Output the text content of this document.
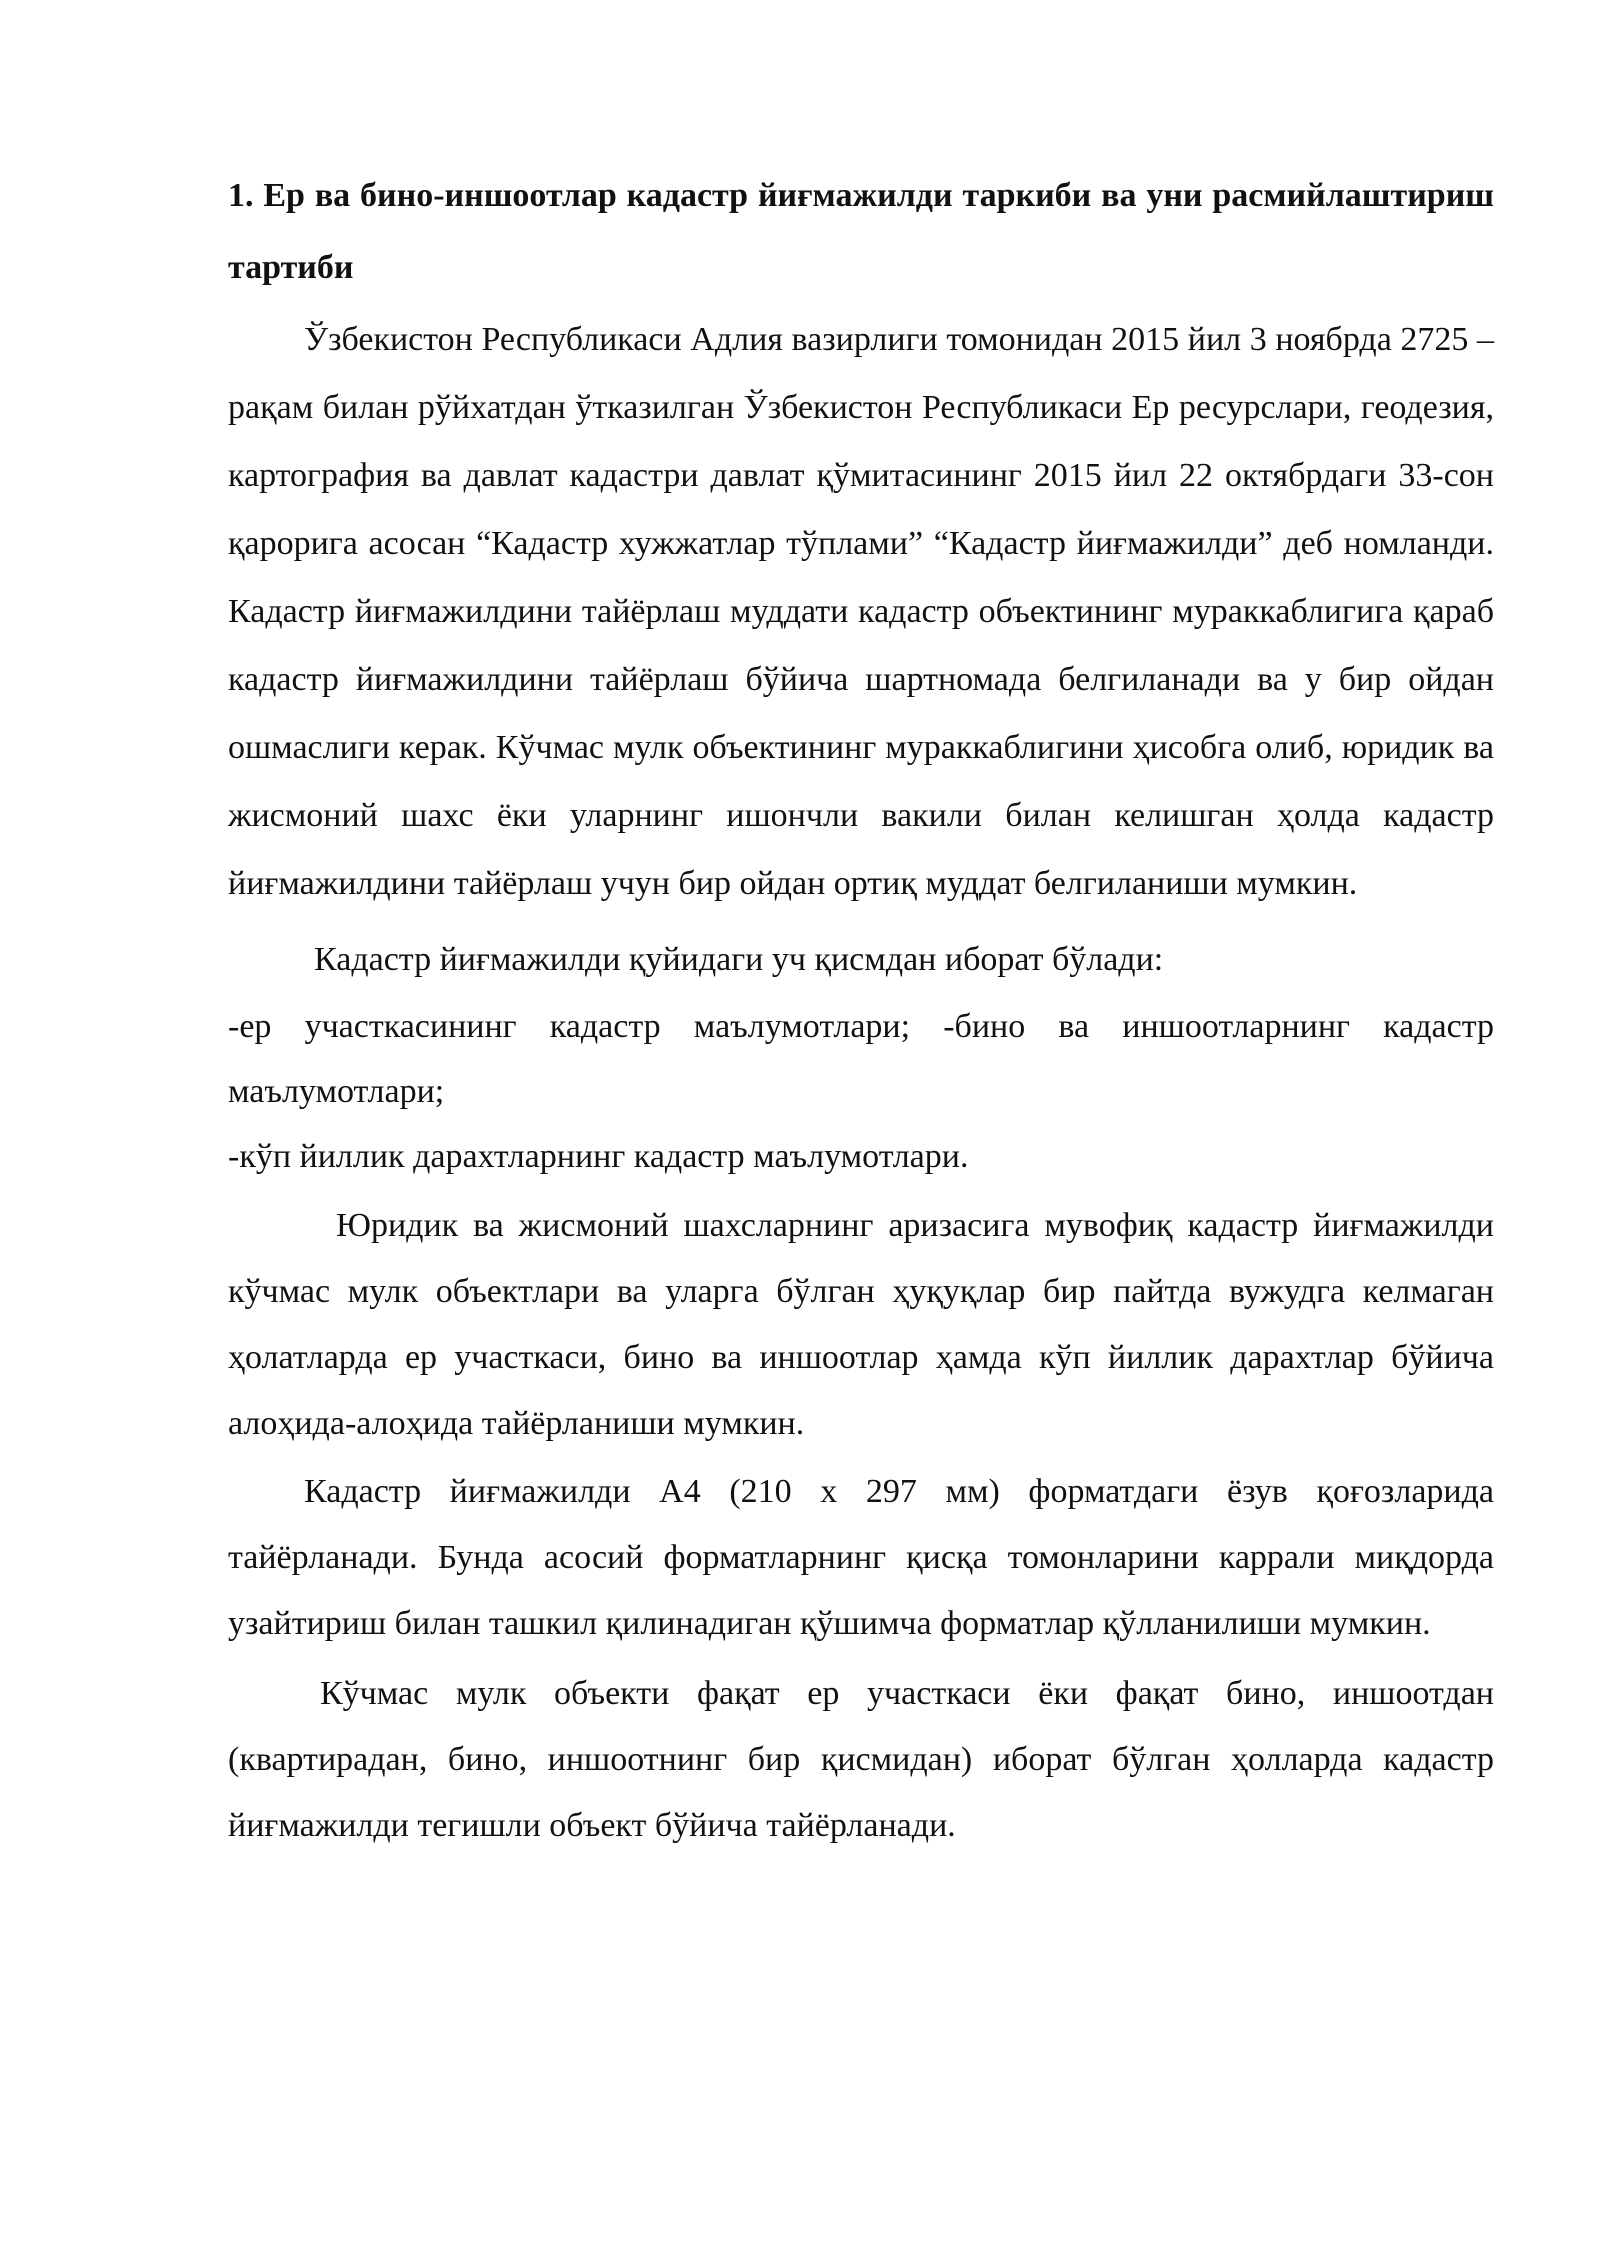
1. Ер ва бино-иншоотлар кадастр йиғмажилди таркиби ва уни расмийлаштириш тартиби

Ўзбекистон Республикаси Адлия вазирлиги томонидан 2015 йил 3 ноябрда 2725 – рақам билан рўйхатдан ўтказилган Ўзбекистон Республикаси Ер ресурслари, геодезия, картография ва давлат кадастри давлат қўмитасининг 2015 йил 22 октябрдаги 33-сон қарорига асосан “Кадастр хужжатлар тўплами” “Кадастр йиғмажилди” деб номланди. Кадастр йиғмажилдини тайёрлаш муддати кадастр объектининг мураккаблигига қараб кадастр йиғмажилдини тайёрлаш бўйича шартномада белгиланади ва у бир ойдан ошмаслиги керак. Кўчмас мулк объектининг мураккаблигини ҳисобга олиб, юридик ва жисмоний шахс ёки уларнинг ишончли вакили билан келишган ҳолда кадастр йиғмажилдини тайёрлаш учун бир ойдан ортиқ муддат белгиланиши мумкин.

Кадастр йиғмажилди қуйидаги уч қисмдан иборат бўлади:

-ер участкасининг кадастр маълумотлари; -бино ва иншоотларнинг кадастр маълумотлари;

-кўп йиллик дарахтларнинг кадастр маълумотлари.

Юридик ва жисмоний шахсларнинг аризасига мувофиқ кадастр йиғмажилди кўчмас мулк объектлари ва уларга бўлган ҳуқуқлар бир пайтда вужудга келмаган ҳолатларда ер участкаси, бино ва иншоотлар ҳамда кўп йиллик дарахтлар бўйича алоҳида-алоҳида тайёрланиши мумкин.

Кадастр йиғмажилди А4 (210 х 297 мм) форматдаги ёзув қоғозларида тайёрланади. Бунда асосий форматларнинг қисқа томонларини каррали миқдорда узайтириш билан ташкил қилинадиган қўшимча форматлар қўлланилиши мумкин.

Кўчмас мулк объекти фақат ер участкаси ёки фақат бино, иншоотдан (квартирадан, бино, иншоотнинг бир қисмидан) иборат бўлган ҳолларда кадастр йиғмажилди тегишли объект бўйича тайёрланади.
